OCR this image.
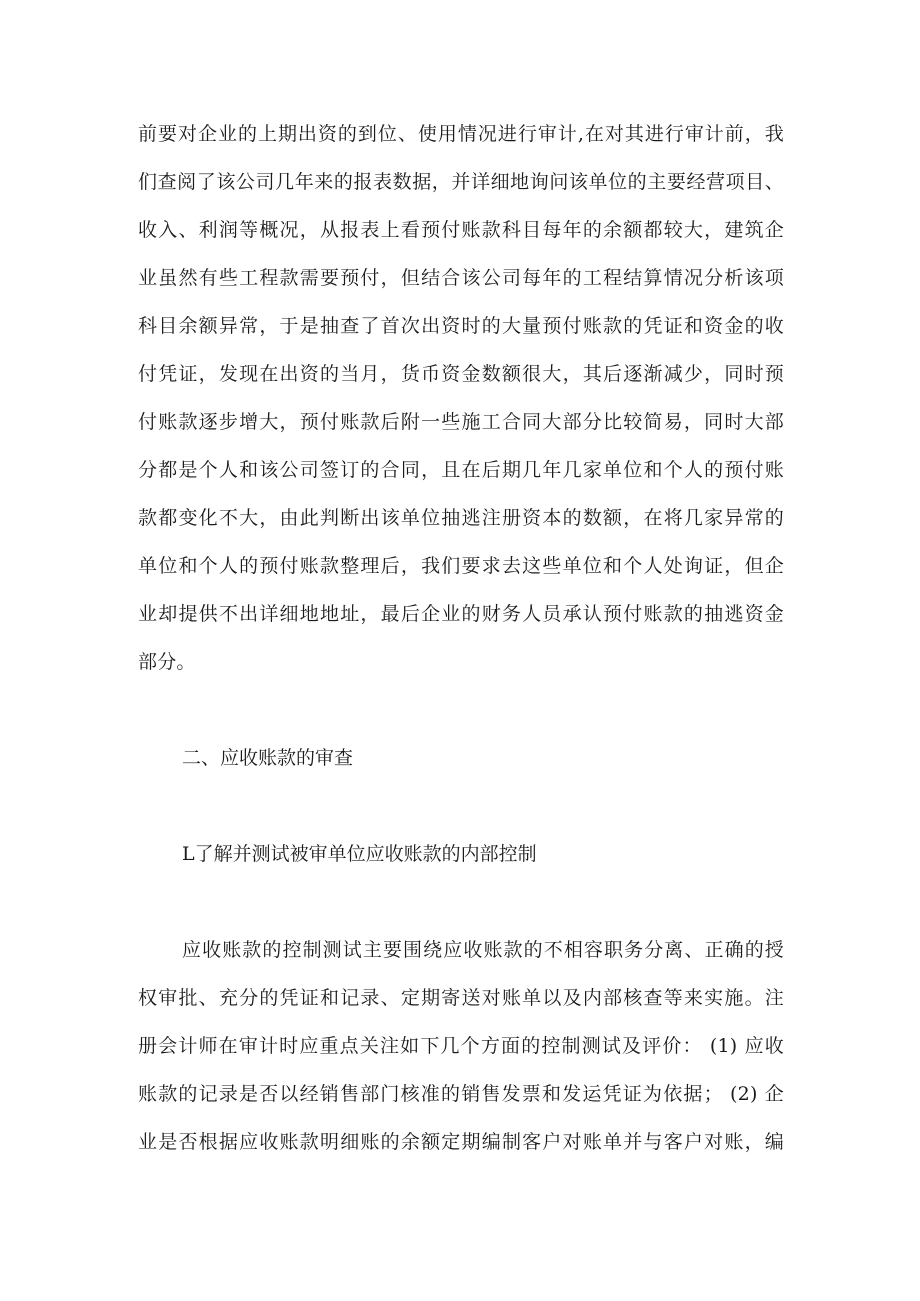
前要对企业的上期出资的到位、使用情况进行审计,在对其进行审计前，我
们查阅了该公司几年来的报表数据，并详细地询问该单位的主要经营项目、
收入、利润等概况，从报表上看预付账款科目每年的余额都较大，建筑企
业虽然有些工程款需要预付，但结合该公司每年的工程结算情况分析该项
科目余额异常，于是抽查了首次出资时的大量预付账款的凭证和资金的收
付凭证，发现在出资的当月，货币资金数额很大，其后逐渐减少，同时预
付账款逐步增大，预付账款后附一些施工合同大部分比较简易，同时大部
分都是个人和该公司签订的合同，且在后期几年几家单位和个人的预付账
款都变化不大，由此判断出该单位抽逃注册资本的数额，在将几家异常的
单位和个人的预付账款整理后，我们要求去这些单位和个人处询证，但企
业却提供不出详细地地址，最后企业的财务人员承认预付账款的抽逃资金
部分。
二、应收账款的审查
L了解并测试被审单位应收账款的内部控制
应收账款的控制测试主要围绕应收账款的不相容职务分离、正确的授
权审批、充分的凭证和记录、定期寄送对账单以及内部核查等来实施。注
册会计师在审计时应重点关注如下几个方面的控制测试及评价： (1) 应收
账款的记录是否以经销售部门核准的销售发票和发运凭证为依据； (2) 企
业是否根据应收账款明细账的余额定期编制客户对账单并与客户对账，编
